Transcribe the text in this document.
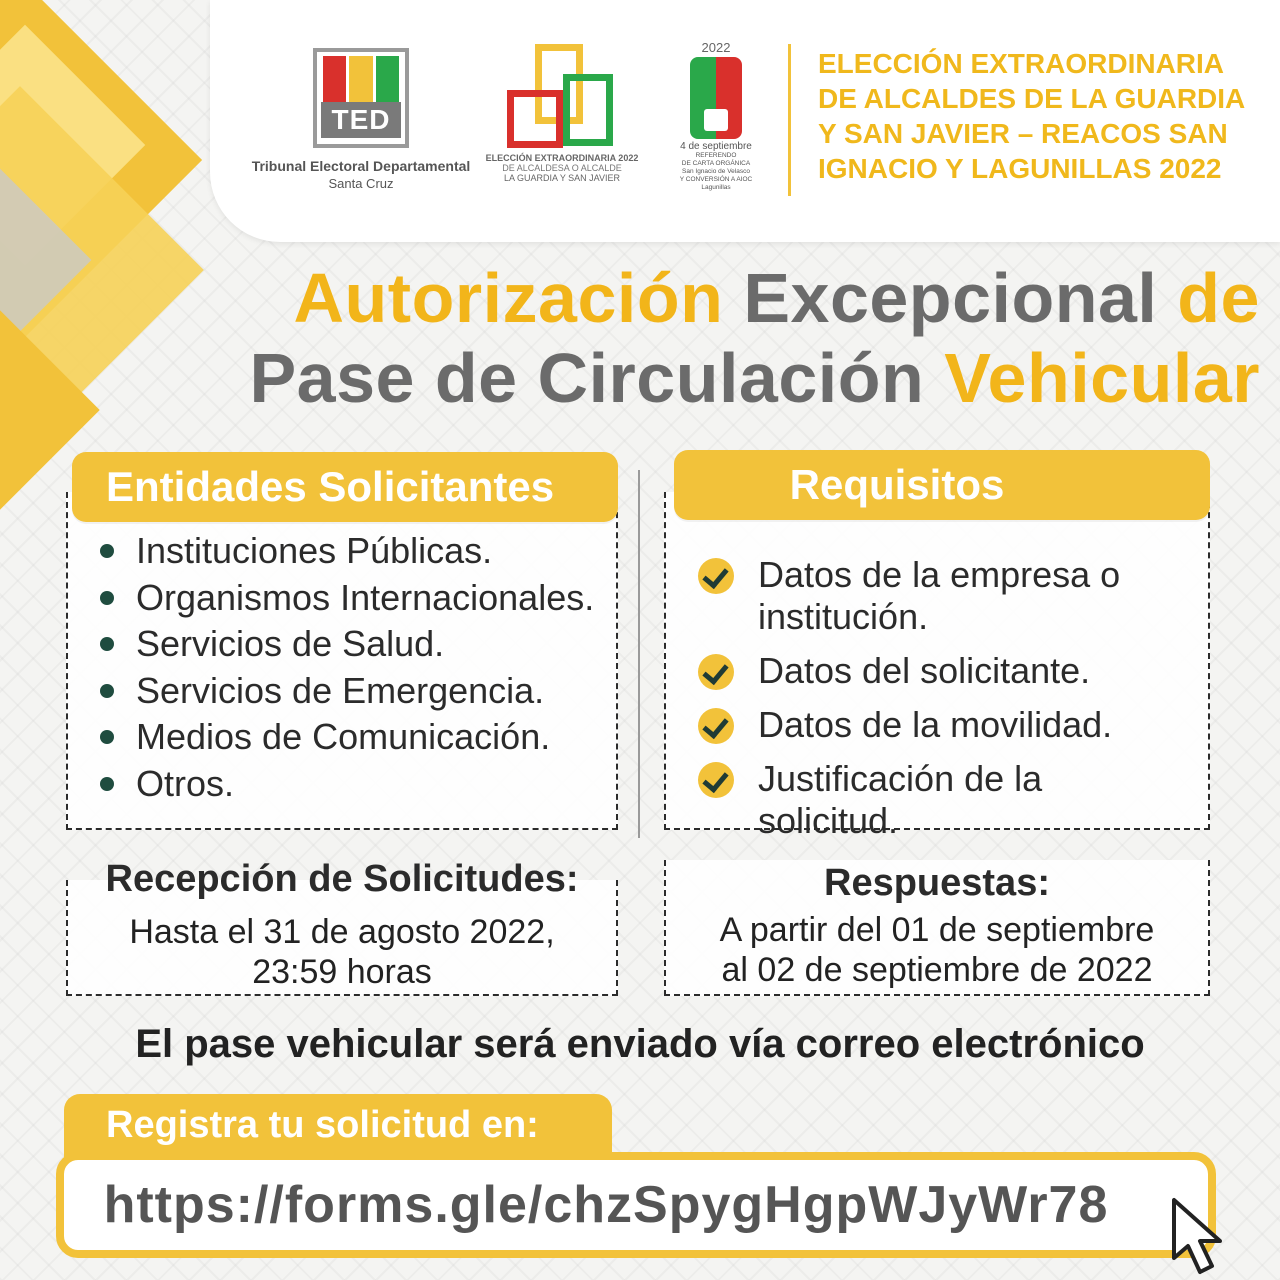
TED
Tribunal Electoral Departamental
Santa Cruz
ELECCIÓN EXTRAORDINARIA 2022
DE ALCALDESA O ALCALDE
LA GUARDIA Y SAN JAVIER
2022
4 de septiembre
REFERENDO
DE CARTA ORGÁNICA
San Ignacio de Velasco
Y CONVERSIÓN A AIOC
Lagunillas
ELECCIÓN EXTRAORDINARIA DE ALCALDES DE LA GUARDIA Y SAN JAVIER – REACOS SAN IGNACIO Y LAGUNILLAS 2022
Autorización Excepcional de
Pase de Circulación Vehicular
Entidades Solicitantes	Requisitos
Instituciones Públicas.
Organismos Internacionales.
Servicios de Salud.
Servicios de Emergencia.
Medios de Comunicación.
Otros.
Datos de la empresa o institución.
Datos del solicitante.
Datos de la movilidad.
Justificación de la solicitud.
Recepción de Solicitudes:
Hasta el 31 de agosto 2022,
23:59 horas
Respuestas:
A partir del 01 de septiembre
al 02 de septiembre de 2022
El pase vehicular será enviado vía correo electrónico
Registra tu solicitud en:
https://forms.gle/chzSpygHgpWJyWr78
